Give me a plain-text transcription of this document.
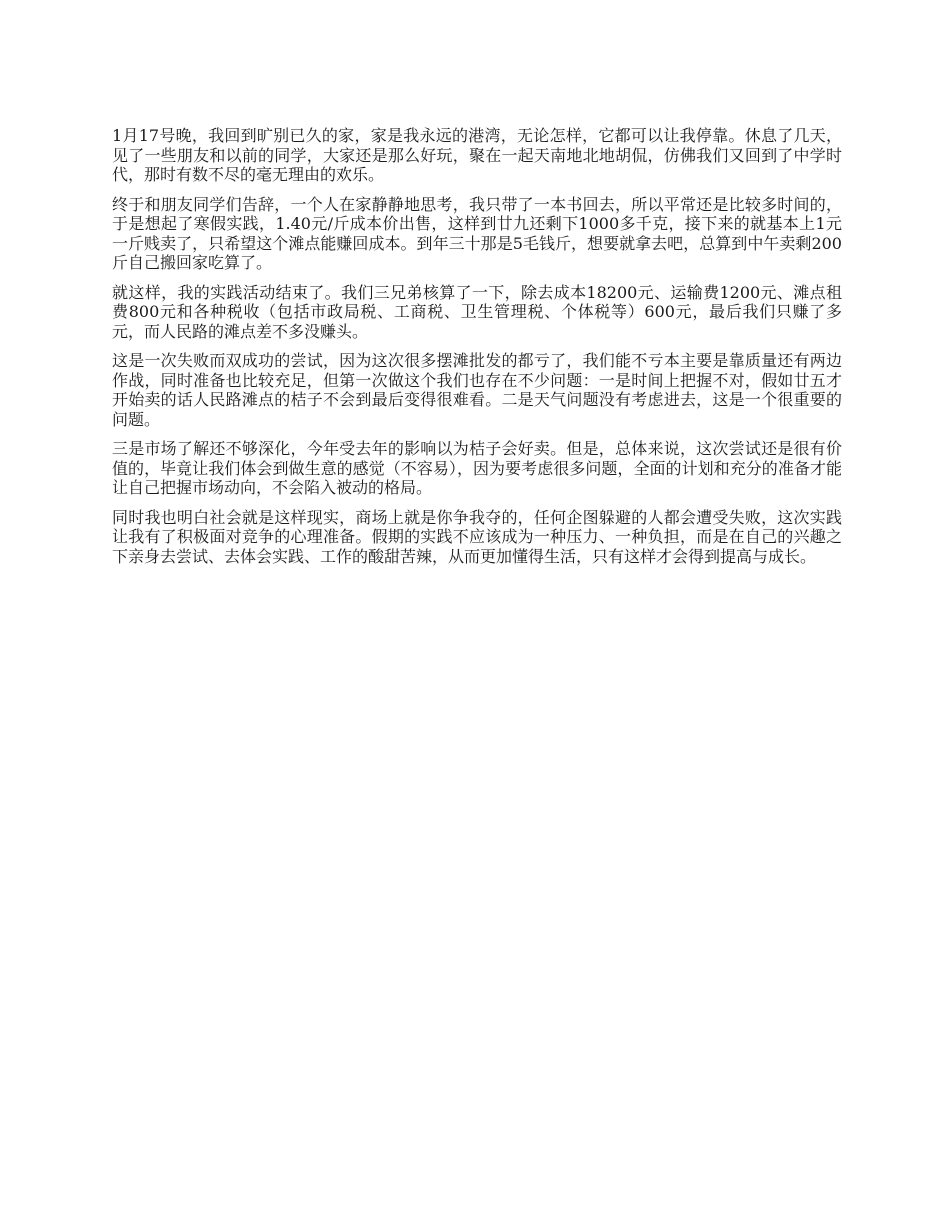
1月17号晚，我回到旷别已久的家，家是我永远的港湾，无论怎样，它都可以让我停靠。休息了几天，见了一些朋友和以前的同学，大家还是那么好玩，聚在一起天南地北地胡侃，仿佛我们又回到了中学时代，那时有数不尽的毫无理由的欢乐。

终于和朋友同学们告辞，一个人在家静静地思考，我只带了一本书回去，所以平常还是比较多时间的，于是想起了寒假实践，1.40元/斤成本价出售，这样到廿九还剩下1000多千克，接下来的就基本上1元一斤贱卖了，只希望这个滩点能赚回成本。到年三十那是5毛钱斤，想要就拿去吧，总算到中午卖剩200斤自己搬回家吃算了。

就这样，我的实践活动结束了。我们三兄弟核算了一下，除去成本18200元、运输费1200元、滩点租费800元和各种税收（包括市政局税、工商税、卫生管理税、个体税等）600元，最后我们只赚了多元，而人民路的滩点差不多没赚头。

这是一次失败而双成功的尝试，因为这次很多摆滩批发的都亏了，我们能不亏本主要是靠质量还有两边作战，同时准备也比较充足，但第一次做这个我们也存在不少问题：一是时间上把握不对，假如廿五才开始卖的话人民路滩点的桔子不会到最后变得很难看。二是天气问题没有考虑进去，这是一个很重要的问题。

三是市场了解还不够深化，今年受去年的影响以为桔子会好卖。但是，总体来说，这次尝试还是很有价值的，毕竟让我们体会到做生意的感觉（不容易），因为要考虑很多问题，全面的计划和充分的准备才能让自己把握市场动向，不会陷入被动的格局。

同时我也明白社会就是这样现实，商场上就是你争我夺的，任何企图躲避的人都会遭受失败，这次实践让我有了积极面对竞争的心理准备。假期的实践不应该成为一种压力、一种负担，而是在自己的兴趣之下亲身去尝试、去体会实践、工作的酸甜苦辣，从而更加懂得生活，只有这样才会得到提高与成长。
